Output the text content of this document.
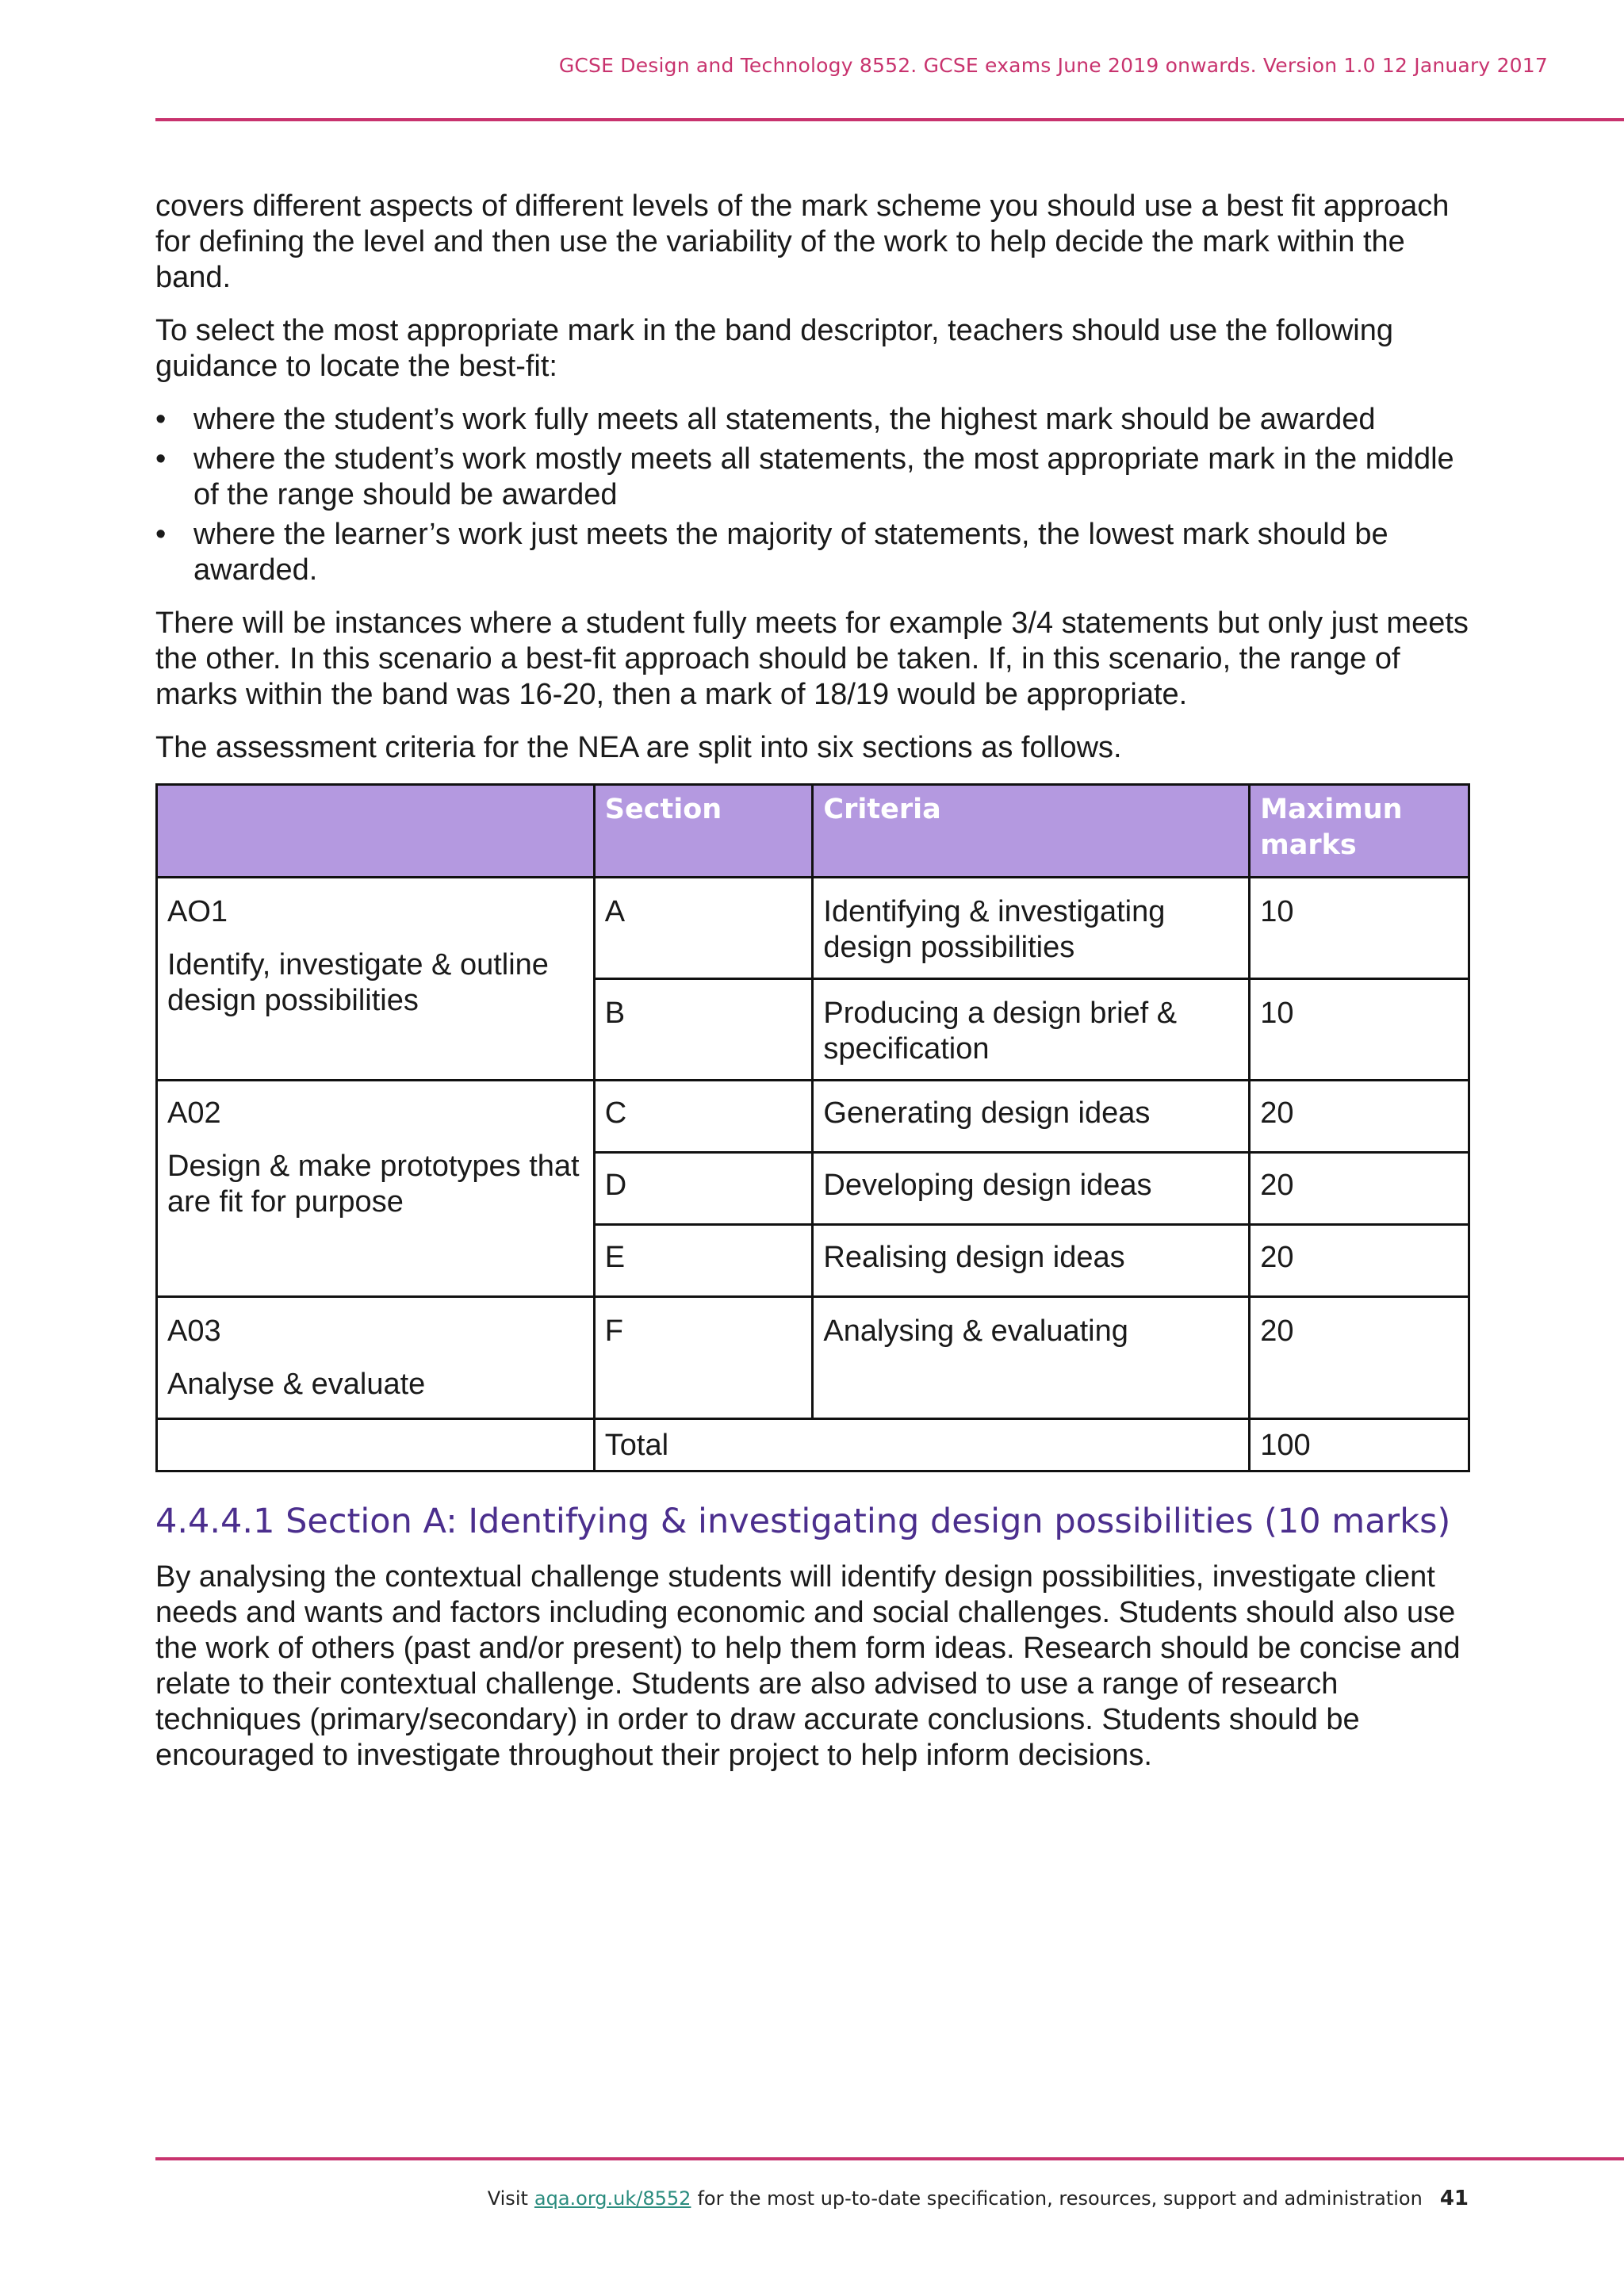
GCSE Design and Technology 8552. GCSE exams June 2019 onwards. Version 1.0 12 January 2017

covers different aspects of different levels of the mark scheme you should use a best fit approach for defining the level and then use the variability of the work to help decide the mark within the band.

To select the most appropriate mark in the band descriptor, teachers should use the following guidance to locate the best-fit:

• where the student’s work fully meets all statements, the highest mark should be awarded
• where the student’s work mostly meets all statements, the most appropriate mark in the middle of the range should be awarded
• where the learner’s work just meets the majority of statements, the lowest mark should be awarded.

There will be instances where a student fully meets for example 3/4 statements but only just meets the other. In this scenario a best-fit approach should be taken. If, in this scenario, the range of marks within the band was 16-20, then a mark of 18/19 would be appropriate.

The assessment criteria for the NEA are split into six sections as follows.

	Section	Criteria	Maximun marks

AO1

Identify, investigate & outline design possibilities	A	Identifying & investigating design possibilities	10
	B	Producing a design brief & specification	10

A02

Design & make prototypes that are fit for purpose	C	Generating design ideas	20
	D	Developing design ideas	20
	E	Realising design ideas	20

A03

Analyse & evaluate	F	Analysing & evaluating	20
	Total		100
4.4.4.1 Section A: Identifying & investigating design possibilities (10 marks)

By analysing the contextual challenge students will identify design possibilities, investigate client needs and wants and factors including economic and social challenges. Students should also use the work of others (past and/or present) to help them form ideas. Research should be concise and relate to their contextual challenge. Students are also advised to use a range of research techniques (primary/secondary) in order to draw accurate conclusions. Students should be encouraged to investigate throughout their project to help inform decisions.

Visit aqa.org.uk/8552 for the most up-to-date specification, resources, support and administration 41
